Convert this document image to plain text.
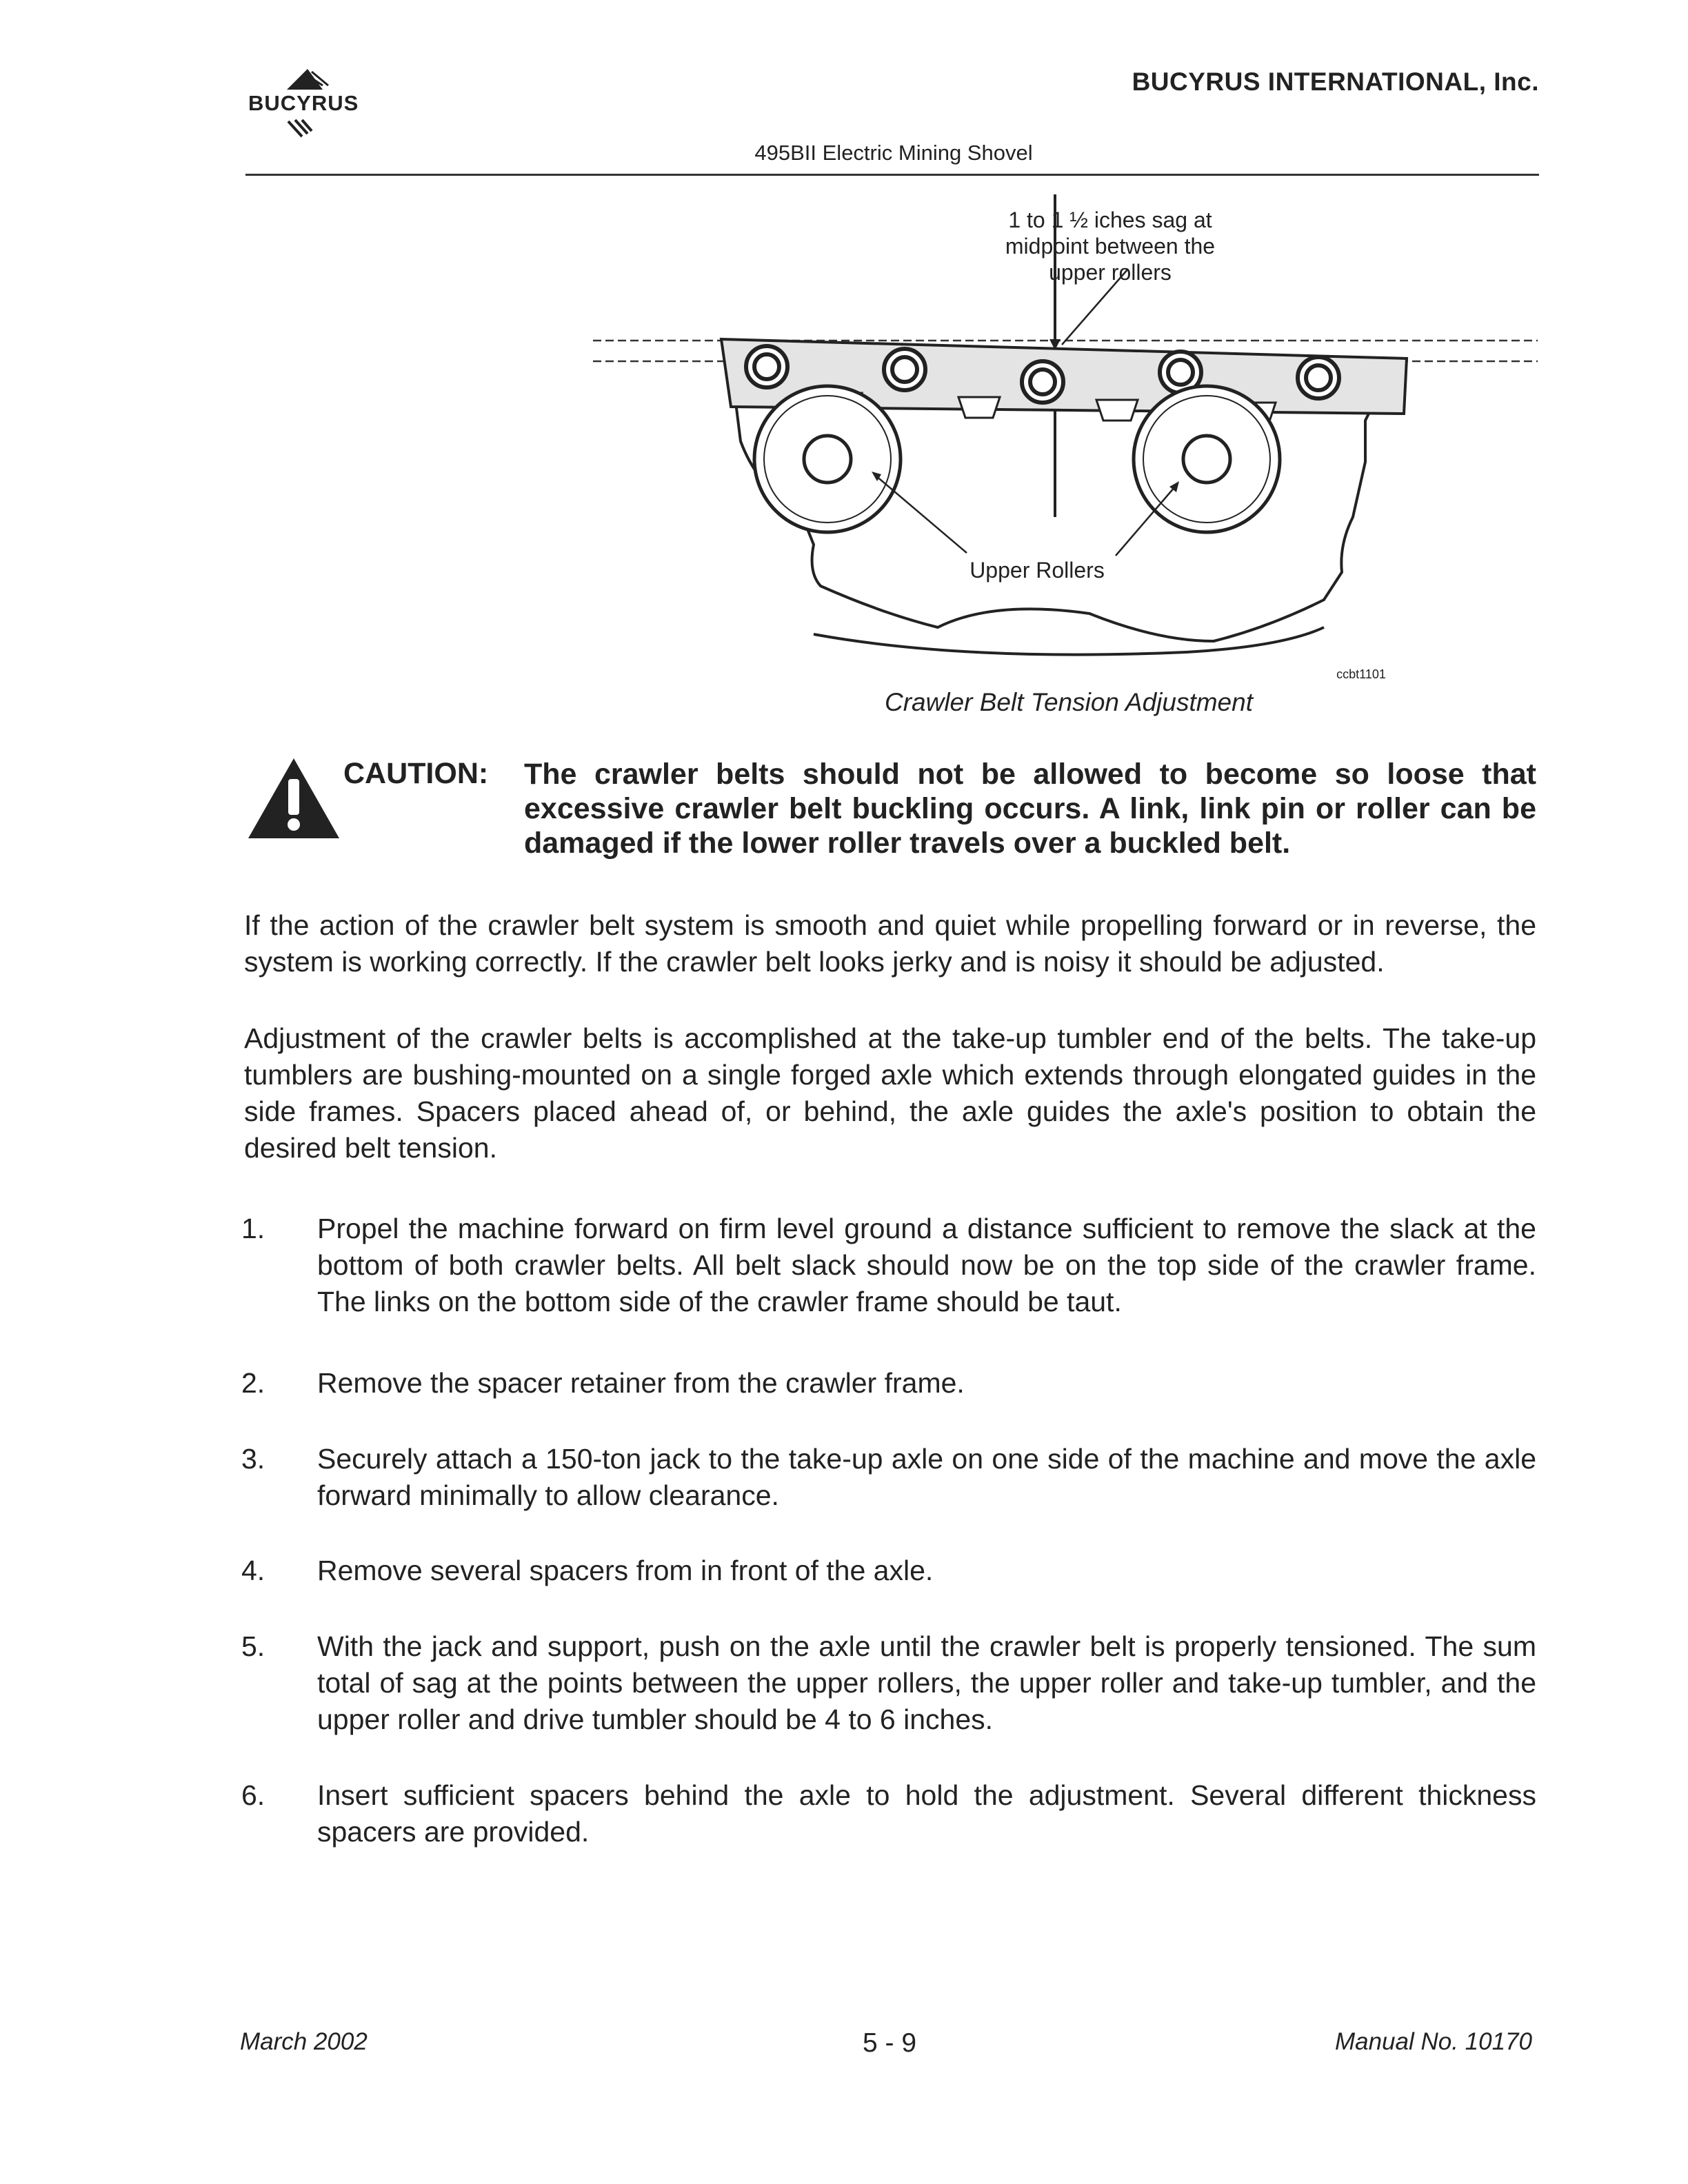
BUCYRUS
BUCYRUS INTERNATIONAL, Inc.
495BII Electric Mining Shovel
1 to 1 ½ iches sag at
midpoint between the
upper rollers
Upper Rollers
ccbt1101
Crawler Belt Tension Adjustment
CAUTION: The crawler belts should not be allowed to become so loose that excessive crawler belt buckling occurs. A link, link pin or roller can be damaged if the lower roller travels over a buckled belt.
If the action of the crawler belt system is smooth and quiet while propelling forward or in reverse, the system is working correctly. If the crawler belt looks jerky and is noisy it should be adjusted.
Adjustment of the crawler belts is accomplished at the take-up tumbler end of the belts. The take-up tumblers are bushing-mounted on a single forged axle which extends through elongated guides in the side frames. Spacers placed ahead of, or behind, the axle guides the axle's position to obtain the desired belt tension.
1. Propel the machine forward on firm level ground a distance sufficient to remove the slack at the bottom of both crawler belts. All belt slack should now be on the top side of the crawler frame. The links on the bottom side of the crawler frame should be taut.
2. Remove the spacer retainer from the crawler frame.
3. Securely attach a 150-ton jack to the take-up axle on one side of the machine and move the axle forward minimally to allow clearance.
4. Remove several spacers from in front of the axle.
5. With the jack and support, push on the axle until the crawler belt is properly tensioned. The sum total of sag at the points between the upper rollers, the upper roller and take-up tumbler, and the upper roller and drive tumbler should be 4 to 6 inches.
6. Insert sufficient spacers behind the axle to hold the adjustment. Several different thickness spacers are provided.
March 2002	5 - 9	Manual No. 10170
